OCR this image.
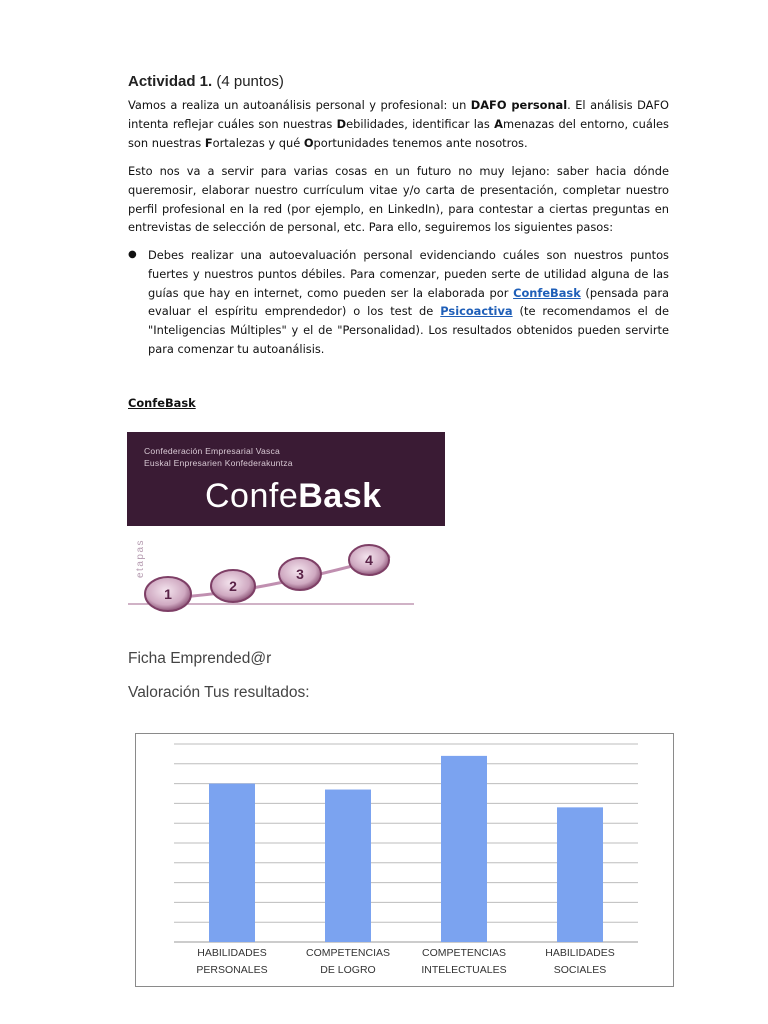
Actividad 1. (4 puntos)
Vamos a realiza un autoanálisis personal y profesional: un DAFO personal. El análisis DAFO intenta reflejar cuáles son nuestras Debilidades, identificar las Amenazas del entorno, cuáles son nuestras Fortalezas y qué Oportunidades tenemos ante nosotros.
Esto nos va a servir para varias cosas en un futuro no muy lejano: saber hacia dónde queremosir, elaborar nuestro currículum vitae y/o carta de presentación, completar nuestro perfil profesional en la red (por ejemplo, en LinkedIn), para contestar a ciertas preguntas en entrevistas de selección de personal, etc. Para ello, seguiremos los siguientes pasos:
● Debes realizar una autoevaluación personal evidenciando cuáles son nuestros puntos fuertes y nuestros puntos débiles. Para comenzar, pueden serte de utilidad alguna de las guías que hay en internet, como pueden ser la elaborada por ConfeBask (pensada para evaluar el espíritu emprendedor) o los test de Psicoactiva (te recomendamos el de "Inteligencias Múltiples" y el de "Personalidad). Los resultados obtenidos pueden servirte para comenzar tu autoanálisis.
ConfeBask
Confederación Empresarial Vasca
Euskal Enpresarien Konfederakuntza
ConfeBask
etapas
1	2
3
4
Ficha Emprended@r
Valoración Tus resultados:
HABILIDADES
PERSONALES
COMPETENCIAS
DE LOGRO
COMPETENCIAS
INTELECTUALES
HABILIDADES
SOCIALES
